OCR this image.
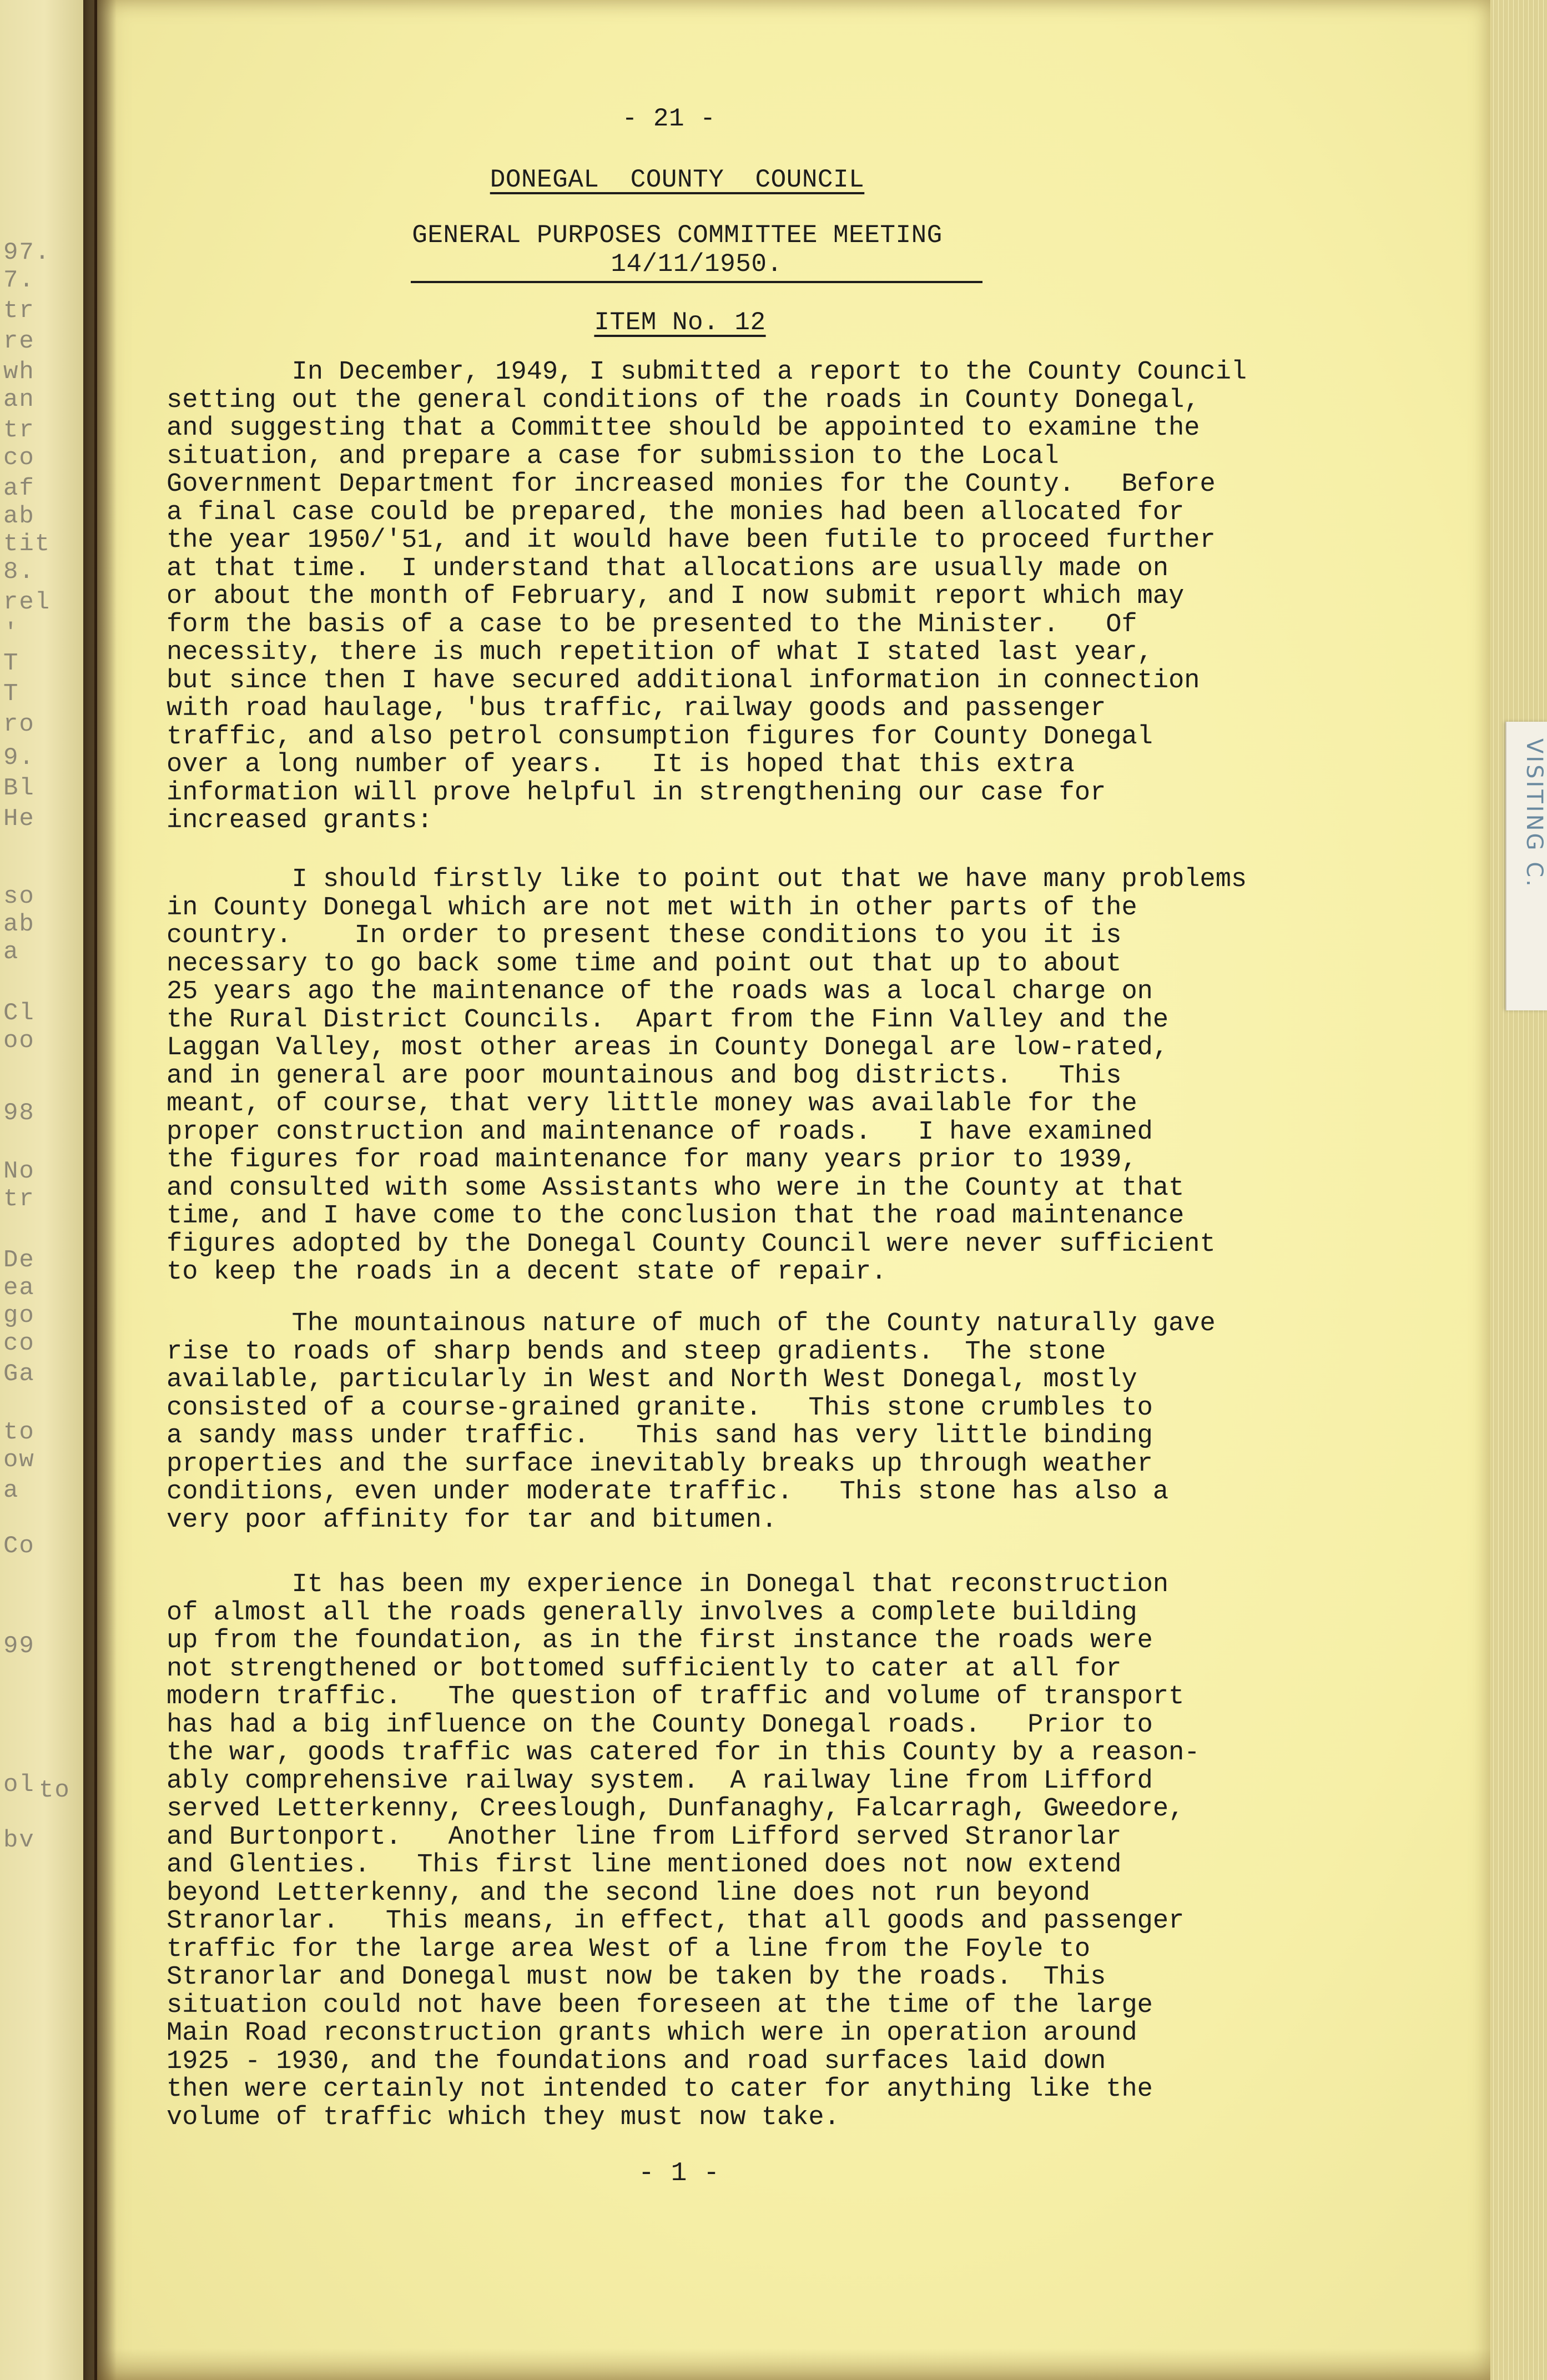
97.
7.
tr
re
wh
an
tr
co
af
ab
tit
8.
rel
'
T
T
ro
9.
Bl
He
so
ab
a
Cl
oo
98
No
tr
De
ea
go
co
Ga
to
ow
a
Co
99
ol to
bv
VISITING C.
- 21 -
DONEGAL  COUNTY  COUNCIL
GENERAL PURPOSES COMMITTEE MEETING
14/11/1950.
ITEM No. 12
In December, 1949, I submitted a report to the County Council
setting out the general conditions of the roads in County Donegal,
and suggesting that a Committee should be appointed to examine the
situation, and prepare a case for submission to the Local
Government Department for increased monies for the County.   Before
a final case could be prepared, the monies had been allocated for
the year 1950/'51, and it would have been futile to proceed further
at that time.  I understand that allocations are usually made on
or about the month of February, and I now submit report which may
form the basis of a case to be presented to the Minister.   Of
necessity, there is much repetition of what I stated last year,
but since then I have secured additional information in connection
with road haulage, 'bus traffic, railway goods and passenger
traffic, and also petrol consumption figures for County Donegal
over a long number of years.   It is hoped that this extra
information will prove helpful in strengthening our case for
increased grants:
I should firstly like to point out that we have many problems
in County Donegal which are not met with in other parts of the
country.    In order to present these conditions to you it is
necessary to go back some time and point out that up to about
25 years ago the maintenance of the roads was a local charge on
the Rural District Councils.  Apart from the Finn Valley and the
Laggan Valley, most other areas in County Donegal are low-rated,
and in general are poor mountainous and bog districts.   This
meant, of course, that very little money was available for the
proper construction and maintenance of roads.   I have examined
the figures for road maintenance for many years prior to 1939,
and consulted with some Assistants who were in the County at that
time, and I have come to the conclusion that the road maintenance
figures adopted by the Donegal County Council were never sufficient
to keep the roads in a decent state of repair.
The mountainous nature of much of the County naturally gave
rise to roads of sharp bends and steep gradients.  The stone
available, particularly in West and North West Donegal, mostly
consisted of a course-grained granite.   This stone crumbles to
a sandy mass under traffic.   This sand has very little binding
properties and the surface inevitably breaks up through weather
conditions, even under moderate traffic.   This stone has also a
very poor affinity for tar and bitumen.
It has been my experience in Donegal that reconstruction
of almost all the roads generally involves a complete building
up from the foundation, as in the first instance the roads were
not strengthened or bottomed sufficiently to cater at all for
modern traffic.   The question of traffic and volume of transport
has had a big influence on the County Donegal roads.   Prior to
the war, goods traffic was catered for in this County by a reason-
ably comprehensive railway system.  A railway line from Lifford
served Letterkenny, Creeslough, Dunfanaghy, Falcarragh, Gweedore,
and Burtonport.   Another line from Lifford served Stranorlar
and Glenties.   This first line mentioned does not now extend
beyond Letterkenny, and the second line does not run beyond
Stranorlar.   This means, in effect, that all goods and passenger
traffic for the large area West of a line from the Foyle to
Stranorlar and Donegal must now be taken by the roads.  This
situation could not have been foreseen at the time of the large
Main Road reconstruction grants which were in operation around
1925 - 1930, and the foundations and road surfaces laid down
then were certainly not intended to cater for anything like the
volume of traffic which they must now take.
- 1 -
